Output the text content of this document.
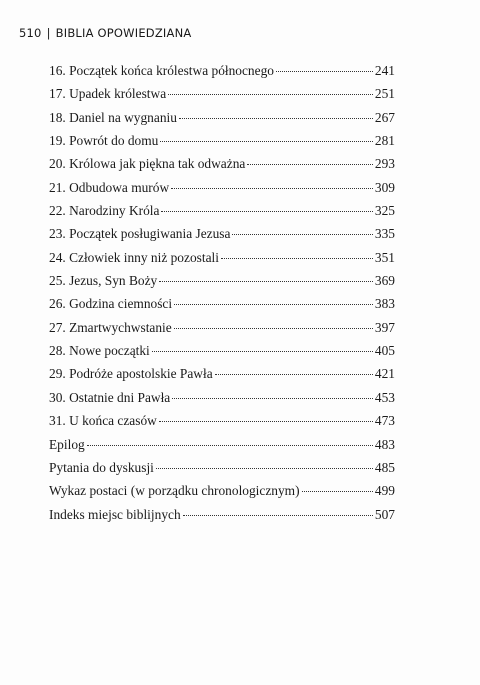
510 | BIBLIA OPOWIEDZIANA
16. Początek końca królestwa północnego	241
17. Upadek królestwa	251
18. Daniel na wygnaniu	267
19. Powrót do domu	281
20. Królowa jak piękna tak odważna	293
21. Odbudowa murów	309
22. Narodziny Króla	325
23. Początek posługiwania Jezusa	335
24. Człowiek inny niż pozostali	351
25. Jezus, Syn Boży	369
26. Godzina ciemności	383
27. Zmartwychwstanie	397
28. Nowe początki	405
29. Podróże apostolskie Pawła	421
30. Ostatnie dni Pawła	453
31. U końca czasów	473
Epilog	483
Pytania do dyskusji	485
Wykaz postaci (w porządku chronologicznym)	499
Indeks miejsc biblijnych	507
